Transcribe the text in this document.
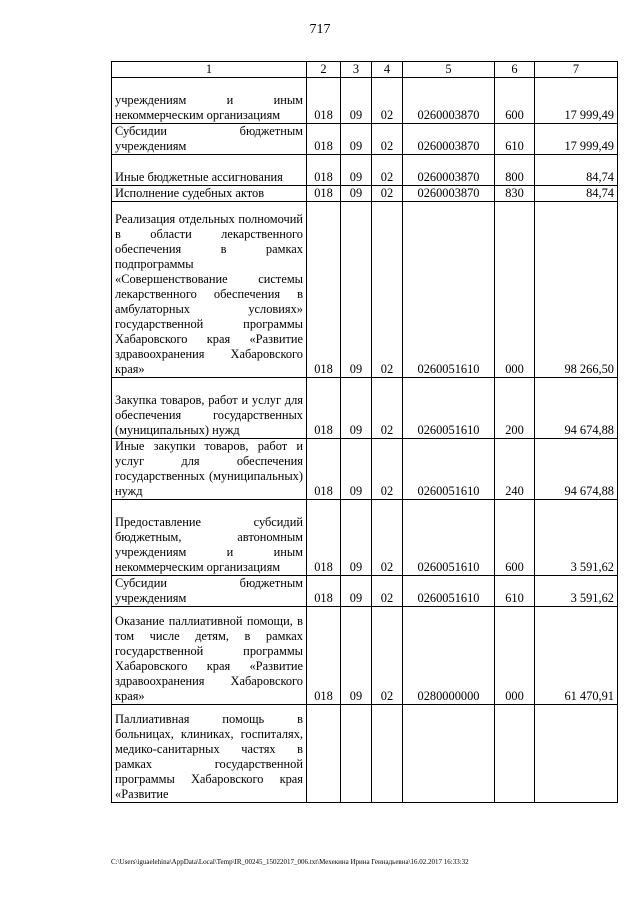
717
1	2	3	4	5	6	7
учреждениям и иным некоммерческим организациям	018	09	02	0260003870	600	17 999,49
Субсидии бюджетным учреждениям	018	09	02	0260003870	610	17 999,49
Иные бюджетные ассигнования	018	09	02	0260003870	800	84,74
Исполнение судебных актов	018	09	02	0260003870	830	84,74
Реализация отдельных полномочий в области лекарственного обеспечения в рамках подпрограммы «Совершенствование системы лекарственного обеспечения в амбулаторных условиях» государственной программы Хабаровского края «Развитие здравоохранения Хабаровского края»	018	09	02	0260051610	000	98 266,50
Закупка товаров, работ и услуг для обеспечения государственных (муниципальных) нужд	018	09	02	0260051610	200	94 674,88
Иные закупки товаров, работ и услуг для обеспечения государственных (муниципальных) нужд	018	09	02	0260051610	240	94 674,88
Предоставление субсидий бюджетным, автономным учреждениям и иным некоммерческим организациям	018	09	02	0260051610	600	3 591,62
Субсидии бюджетным учреждениям	018	09	02	0260051610	610	3 591,62
Оказание паллиативной помощи, в том числе детям, в рамках государственной программы Хабаровского края «Развитие здравоохранения Хабаровского края»	018	09	02	0280000000	000	61 470,91
Паллиативная помощь в больницах, клиниках, госпиталях, медико-санитарных частях в рамках государственной программы Хабаровского края «Развитие						
C:\Users\iguaelehina\AppData\Local\Temp\IR_00245_15022017_006.txt\Мехекина Ирина Геннадьевна\16.02.2017 16:33:32
